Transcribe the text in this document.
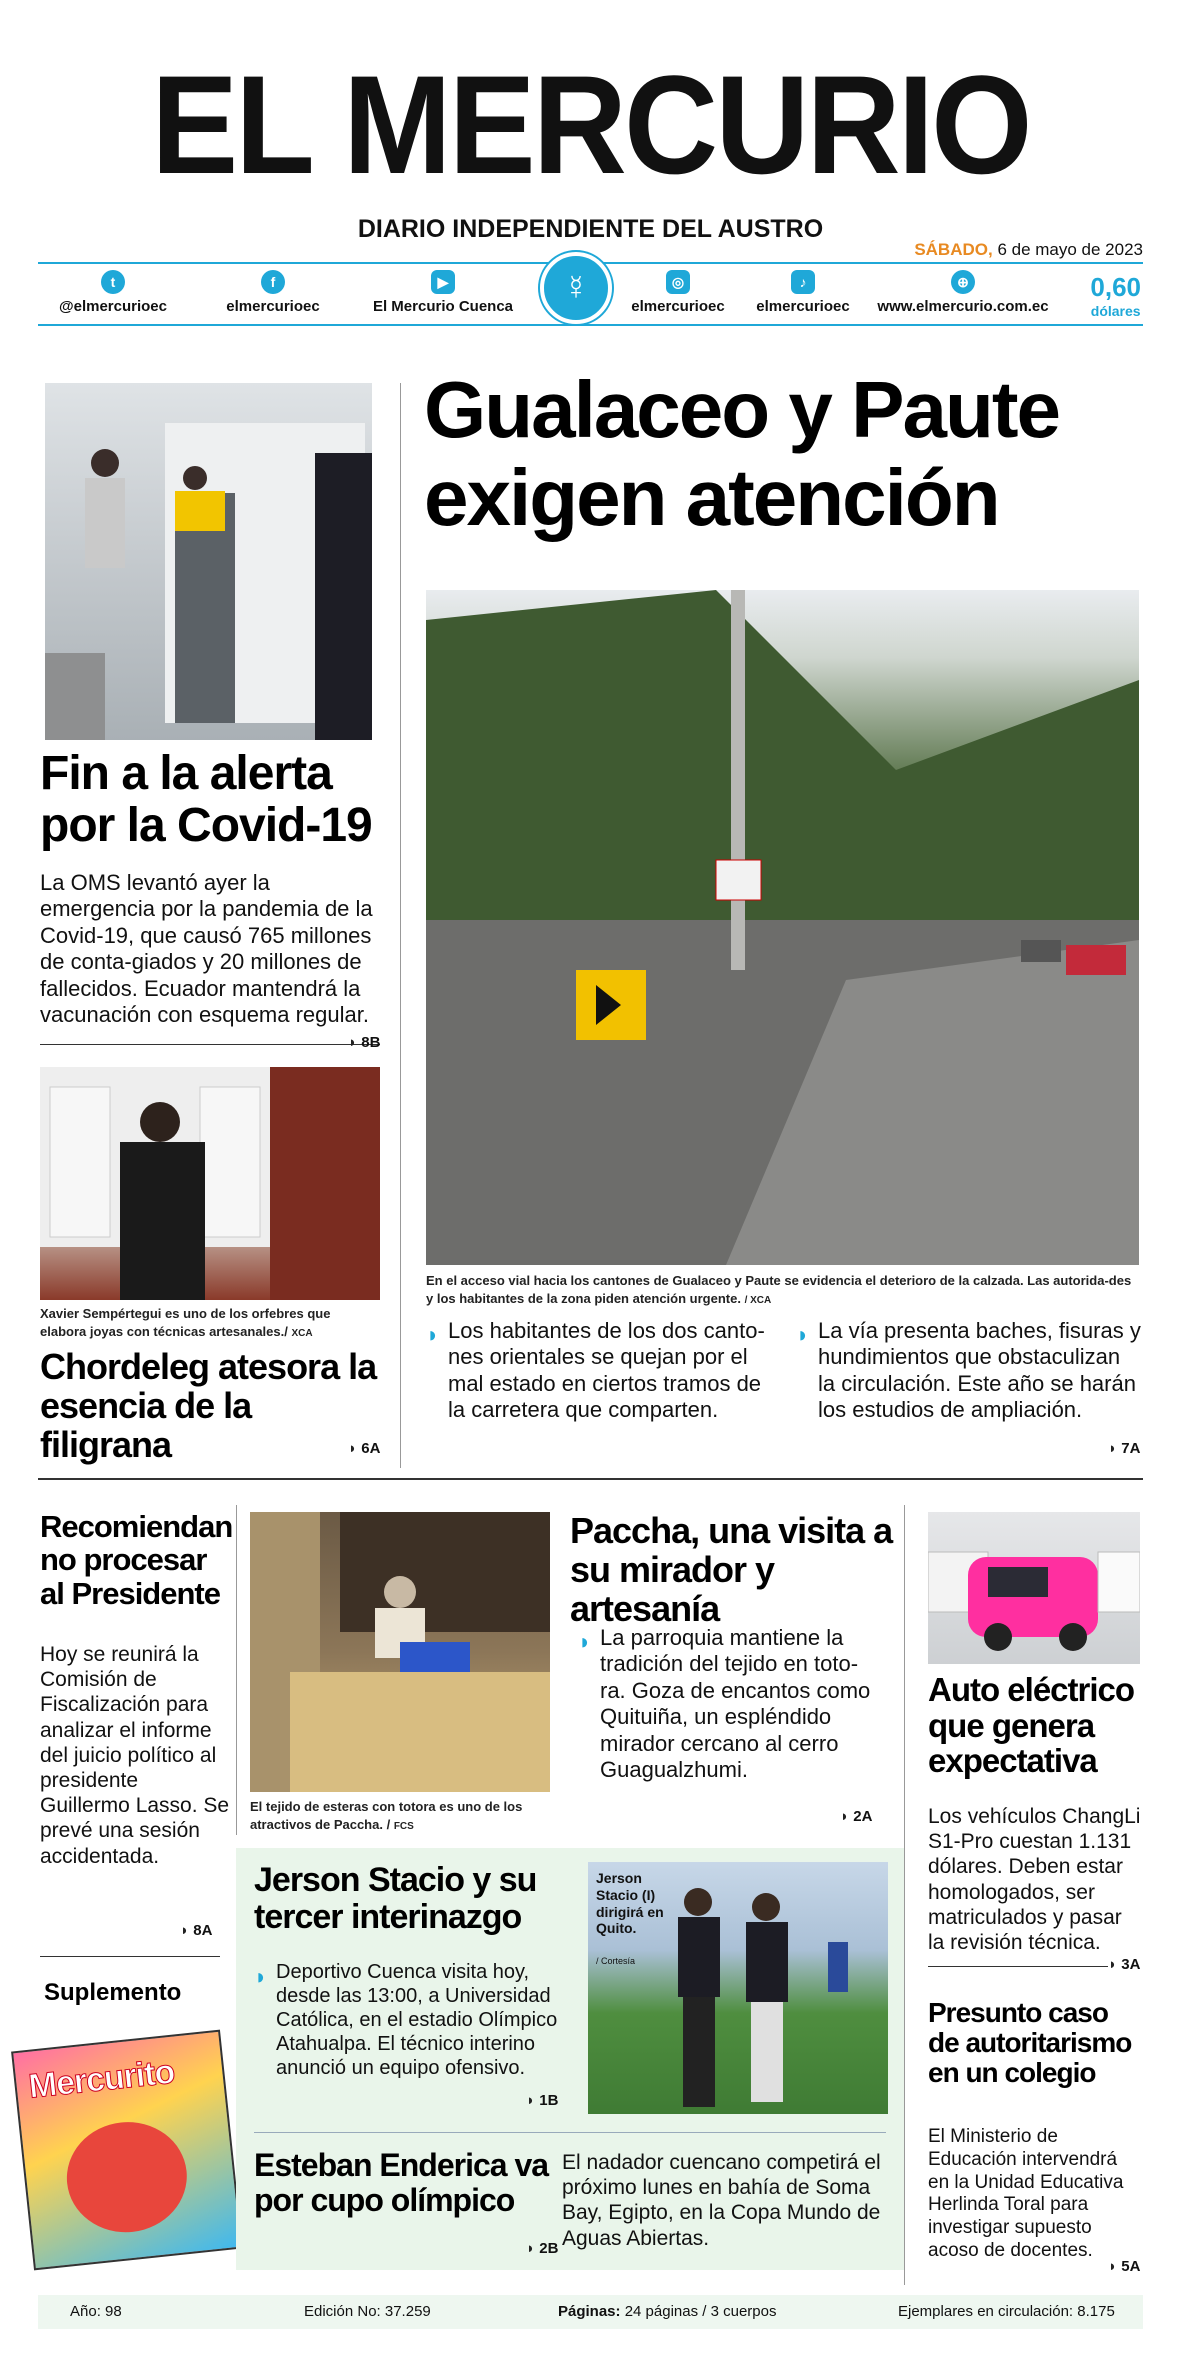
EL MERCURIO
DIARIO INDEPENDIENTE DEL AUSTRO
SÁBADO, 6 de mayo de 2023
t
@elmercurioec
f
elmercurioec
▶
El Mercurio Cuenca
◎
elmercurioec
♪
elmercurioec
⊕
www.elmercurio.com.ec
☿	0,60
dólares
Fin a la alerta por la Covid-19
La OMS levantó ayer la emergencia por la pandemia de la Covid-19, que causó 765 millones de conta-giados y 20 millones de fallecidos. Ecuador mantendrá la vacunación con esquema regular.
◗ 8B
Xavier Sempértegui es uno de los orfebres que elabora joyas con técnicas artesanales./ XCA
Chordeleg atesora la esencia de la filigrana
◗	6A
Gualaceo y Paute exigen atención
En el acceso vial hacia los cantones de Gualaceo y Paute se evidencia el deterioro de la calzada. Las autorida-des y los habitantes de la zona piden atención urgente. / XCA
◗ Los habitantes de los dos canto-nes orientales se quejan por el mal estado en ciertos tramos de la carretera que comparten.
◗ La vía presenta baches, fisuras y hundimientos que obstaculizan la circulación. Este año se harán los estudios de ampliación.
◗ 7A
Recomiendan no procesar al Presidente
Hoy se reunirá la Comisión de Fiscalización para analizar el informe del juicio político al presidente Guillermo Lasso. Se prevé una sesión accidentada.
◗ 8A
Suplemento
Mercurito
El tejido de esteras con totora es uno de los atractivos de Paccha. / FCS
Paccha, una visita a su mirador y artesanía
◗ La parroquia mantiene la tradición del tejido en toto-ra. Goza de encantos como Quituiña, un espléndido mirador cercano al cerro Guagualzhumi.
◗ 2A
Auto eléctrico que genera expectativa
Los vehículos ChangLi S1-Pro cuestan 1.131 dólares. Deben estar homologados, ser matriculados y pasar la revisión técnica.
◗ 3A
Presunto caso de autoritarismo en un colegio
El Ministerio de Educación intervendrá en la Unidad Educativa Herlinda Toral para investigar supuesto acoso de docentes.
◗ 5A
Jerson Stacio y su tercer interinazgo
◗ Deportivo Cuenca visita hoy, desde las 13:00, a Universidad Católica, en el estadio Olímpico Atahualpa. El técnico interino anunció un equipo ofensivo.
◗ 1B
Jerson Stacio (I) dirigirá en Quito.
/ Cortesía
Esteban Enderica va por cupo olímpico
◗ 2B
El nadador cuencano competirá el próximo lunes en bahía de Soma Bay, Egipto, en la Copa Mundo de Aguas Abiertas.
Año: 98	Edición No: 37.259	Páginas: 24 páginas / 3 cuerpos	Ejemplares en circulación: 8.175
